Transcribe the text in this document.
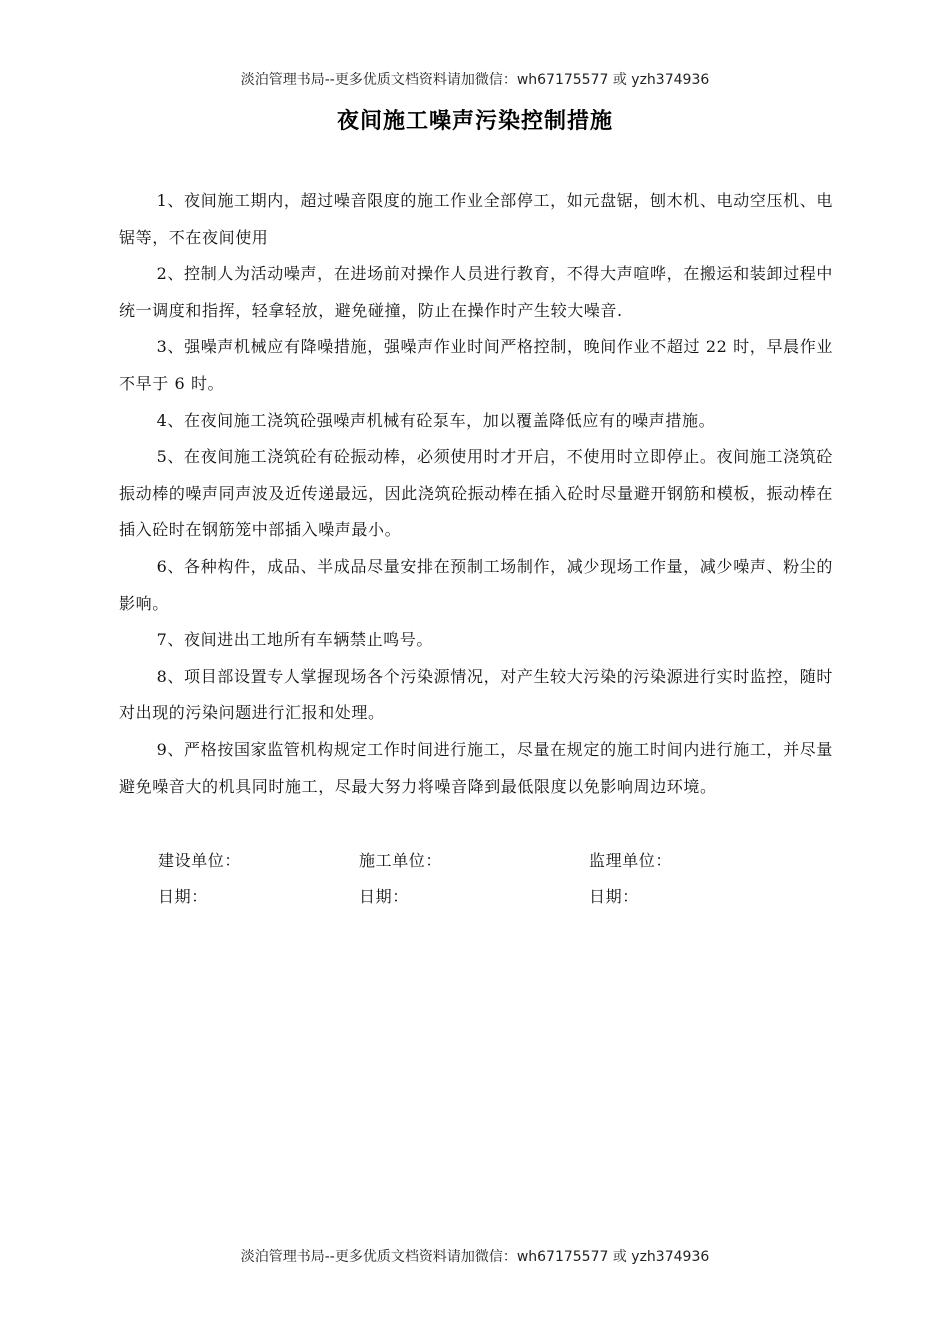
淡泊管理书局--更多优质文档资料请加微信：wh67175577 或 yzh374936
夜间施工噪声污染控制措施

1、夜间施工期内，超过噪音限度的施工作业全部停工，如元盘锯，刨木机、电动空压机、电锯等，不在夜间使用

2、控制人为活动噪声，在进场前对操作人员进行教育，不得大声喧哗，在搬运和装卸过程中统一调度和指挥，轻拿轻放，避免碰撞，防止在操作时产生较大噪音.

3、强噪声机械应有降噪措施，强噪声作业时间严格控制，晚间作业不超过 22 时，早晨作业不早于 6 时。

4、在夜间施工浇筑砼强噪声机械有砼泵车，加以覆盖降低应有的噪声措施。

5、在夜间施工浇筑砼有砼振动棒，必须使用时才开启，不使用时立即停止。夜间施工浇筑砼振动棒的噪声同声波及近传递最远，因此浇筑砼振动棒在插入砼时尽量避开钢筋和模板，振动棒在插入砼时在钢筋笼中部插入噪声最小。

6、各种构件，成品、半成品尽量安排在预制工场制作，减少现场工作量，减少噪声、粉尘的影响。

7、夜间进出工地所有车辆禁止鸣号。

8、项目部设置专人掌握现场各个污染源情况，对产生较大污染的污染源进行实时监控，随时对出现的污染问题进行汇报和处理。

9、严格按国家监管机构规定工作时间进行施工，尽量在规定的施工时间内进行施工，并尽量避免噪音大的机具同时施工，尽最大努力将噪音降到最低限度以免影响周边环境。

建设单位：	施工单位：	监理单位：
日期：	日期：	日期：
淡泊管理书局--更多优质文档资料请加微信：wh67175577 或 yzh374936
